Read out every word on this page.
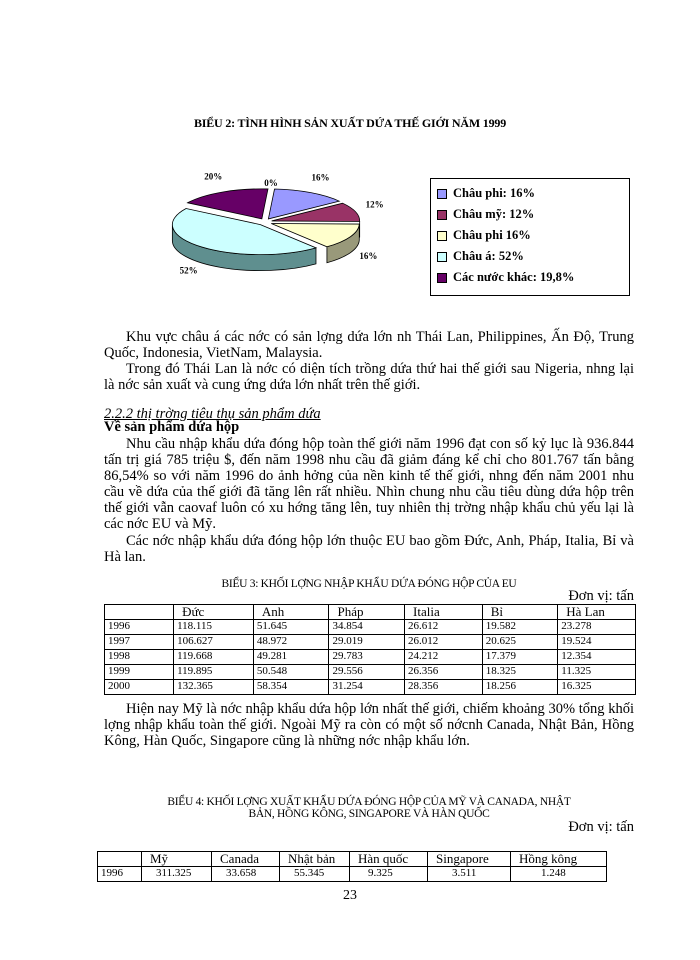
BIỂU 2: TÌNH HÌNH SẢN XUẤT DỨA THẾ GIỚI NĂM 1999
16%
12%
16%
52%
20%
0%
Châu phi: 16%
Châu mỹ: 12%
Châu phi 16%
Châu á: 52%
Các nước khác: 19,8%
Khu vực châu á các nớc có sản lợng dứa lớn nh Thái Lan, Philippines, Ấn Độ, Trung Quốc, Indonesia, VietNam, Malaysia.
Trong đó Thái Lan là nớc có diện tích trồng dứa thứ hai thế giới sau Nigeria, nhng lại là nớc sản xuất và cung ứng dứa lớn nhất trên thế giới.
2.2.2 thị trờng tiêu thụ sản phẩm dứa
Về sản phẩm dứa hộp
Nhu cầu nhập khẩu dứa đóng hộp toàn thế giới năm 1996 đạt con số kỷ lục là 936.844 tấn trị giá 785 triệu $, đến năm 1998 nhu cầu đã giảm đáng kể chỉ cho 801.767 tấn bằng 86,54% so với năm 1996 do ảnh hởng của nền kinh tế thế giới, nhng đến năm 2001 nhu cầu về dứa của thế giới đã tăng lên rất nhiều. Nhìn chung nhu cầu tiêu dùng dứa hộp trên thế giới vẫn caovaf luôn có xu hớng tăng lên, tuy nhiên thị trờng nhập khẩu chủ yếu lại là các nớc EU và Mỹ.
Các nớc nhập khẩu dứa đóng hộp lớn thuộc EU bao gồm Đức, Anh, Pháp, Italia, Bỉ và Hà lan.
BIỂU 3: KHỐI LỢNG NHẬP KHẨU DỨA ĐÓNG HỘP CỦA EU
Đơn vị: tấn
	Đức	Anh	Pháp	Italia	Bỉ	Hà Lan
1996	118.115	51.645	34.854	26.612	19.582	23.278
1997	106.627	48.972	29.019	26.012	20.625	19.524
1998	119.668	49.281	29.783	24.212	17.379	12.354
1999	119.895	50.548	29.556	26.356	18.325	11.325
2000	132.365	58.354	31.254	28.356	18.256	16.325
Hiện nay Mỹ là nớc nhập khẩu dứa hộp lớn nhất thế giới, chiếm khoảng 30% tổng khối lợng nhập khẩu toàn thế giới. Ngoài Mỹ ra còn có một số nớcnh Canada, Nhật Bản, Hồng Kông, Hàn Quốc, Singapore cũng là những nớc nhập khẩu lớn.
BIỂU 4: KHỐI LỢNG XUẤT KHẨU DỨA ĐÓNG HỘP CỦA MỸ VÀ CANADA, NHẬT
BẢN, HỒNG KÔNG, SINGAPORE VÀ HÀN QUỐC
Đơn vị: tấn
	Mỹ	Canada	Nhật bản	Hàn quốc	Singapore	Hồng kông
1996	311.325	33.658	55.345	9.325	3.511	1.248
23
